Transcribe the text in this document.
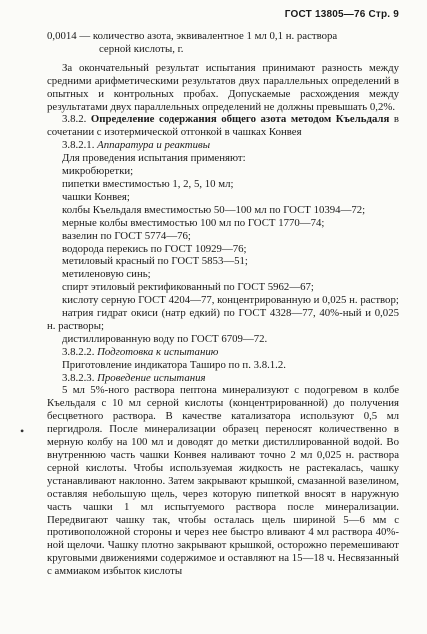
ГОСТ 13805—76 Стр. 9
•

0,0014 — количество азота, эквивалентное 1 мл 0,1 н. раствора

серной кислоты, г.

За окончательный результат испытания принимают разность между средними арифметическими результатов двух параллельных определений в опытных и контрольных пробах. Допускаемые расхождения между результатами двух параллельных определений не должны превышать 0,2%.

3.8.2. Определение содержания общего азота методом Къельдаля в сочетании с изотермической отгонкой в чашках Конвея

3.8.2.1. Аппаратура и реактивы

Для проведения испытания применяют:

микробюретки;

пипетки вместимостью 1, 2, 5, 10 мл;

чашки Конвея;

колбы Къельдаля вместимостью 50—100 мл по ГОСТ 10394—72;

мерные колбы вместимостью 100 мл по ГОСТ 1770—74;

вазелин по ГОСТ 5774—76;

водорода перекись по ГОСТ 10929—76;

метиловый красный по ГОСТ 5853—51;

метиленовую синь;

спирт этиловый ректификованный по ГОСТ 5962—67;

кислоту серную ГОСТ 4204—77, концентрированную и 0,025 н. раствор;

натрия гидрат окиси (натр едкий) по ГОСТ 4328—77, 40%-ный и 0,025 н. растворы;

дистиллированную воду по ГОСТ 6709—72.

3.8.2.2. Подготовка к испытанию

Приготовление индикатора Таширо по п. 3.8.1.2.

3.8.2.3. Проведение испытания

5 мл 5%-ного раствора пептона минерализуют с подогревом в колбе Къельдаля с 10 мл серной кислоты (концентрированной) до получения бесцветного раствора. В качестве катализатора используют 0,5 мл пергидроля. После минерализации образец переносят количественно в мерную колбу на 100 мл и доводят до метки дистиллированной водой. Во внутреннюю часть чашки Конвея наливают точно 2 мл 0,025 н. раствора серной кислоты. Чтобы используемая жидкость не растекалась, чашку устанавливают наклонно. Затем закрывают крышкой, смазанной вазелином, оставляя небольшую щель, через которую пипеткой вносят в наружную часть чашки 1 мл испытуемого раствора после минерализации. Передвигают чашку так, чтобы осталась щель шириной 5—6 мм с противоположной стороны и через нее быстро вливают 4 мл раствора 40%-ной щелочи. Чашку плотно закрывают крышкой, осторожно перемешивают круговыми движениями содержимое и оставляют на 15—18 ч. Несвязанный с аммиаком избыток кислоты
